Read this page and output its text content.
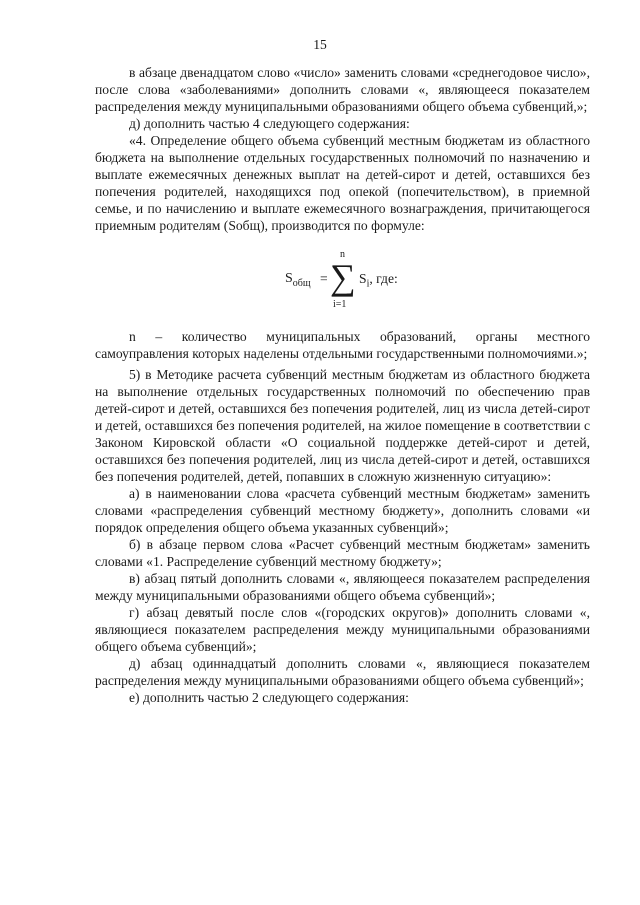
15

в абзаце двенадцатом слово «число» заменить словами «среднегодовое число», после слова «заболеваниями» дополнить словами «, являющееся показателем распределения между муниципальными образованиями общего объема субвенций,»;

д) дополнить частью 4 следующего содержания:

«4. Определение общего объема субвенций местным бюджетам из областного бюджета на выполнение отдельных государственных полномочий по назначению и выплате ежемесячных денежных выплат на детей-сирот и детей, оставшихся без попечения родителей, находящихся под опекой (попечительством), в приемной семье, и по начислению и выплате ежемесячного вознаграждения, причитающегося приемным родителям (Sобщ), производится по формуле:

$S_{общ}$ =
n
∑
i=1
$S_i$, где:

n – количество муниципальных образований, органы местного самоуправления которых наделены отдельными государственными полномочиями.»;

5) в Методике расчета субвенций местным бюджетам из областного бюджета на выполнение отдельных государственных полномочий по обеспечению прав детей-сирот и детей, оставшихся без попечения родителей, лиц из числа детей-сирот и детей, оставшихся без попечения родителей, на жилое помещение в соответствии с Законом Кировской области «О социальной поддержке детей-сирот и детей, оставшихся без попечения родителей, лиц из числа детей-сирот и детей, оставшихся без попечения родителей, детей, попавших в сложную жизненную ситуацию»:

а) в наименовании слова «расчета субвенций местным бюджетам» заменить словами «распределения субвенций местному бюджету», дополнить словами «и порядок определения общего объема указанных субвенций»;

б) в абзаце первом слова «Расчет субвенций местным бюджетам» заменить словами «1. Распределение субвенций местному бюджету»;

в) абзац пятый дополнить словами «, являющееся показателем распределения между муниципальными образованиями общего объема субвенций»;

г) абзац девятый после слов «(городских округов)» дополнить словами «, являющиеся показателем распределения между муниципальными образованиями общего объема субвенций»;

д) абзац одиннадцатый дополнить словами «, являющиеся показателем распределения между муниципальными образованиями общего объема субвенций»;

е) дополнить частью 2 следующего содержания:
